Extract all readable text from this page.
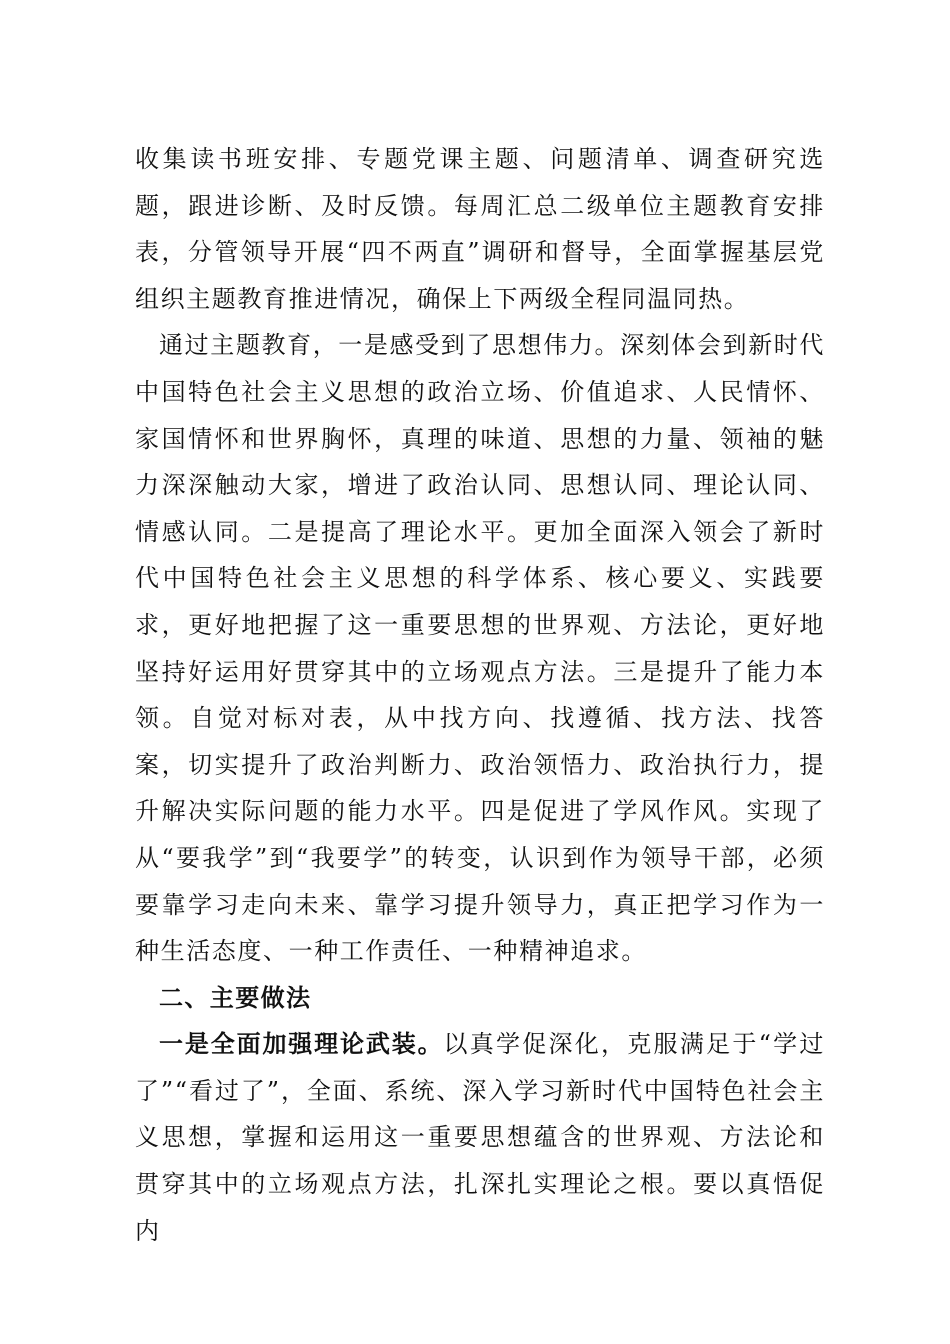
收集读书班安排、专题党课主题、问题清单、调查研究选题，跟进诊断、及时反馈。每周汇总二级单位主题教育安排表，分管领导开展“四不两直”调研和督导，全面掌握基层党组织主题教育推进情况，确保上下两级全程同温同热。

通过主题教育，一是感受到了思想伟力。深刻体会到新时代中国特色社会主义思想的政治立场、价值追求、人民情怀、家国情怀和世界胸怀，真理的味道、思想的力量、领袖的魅力深深触动大家，增进了政治认同、思想认同、理论认同、情感认同。二是提高了理论水平。更加全面深入领会了新时代中国特色社会主义思想的科学体系、核心要义、实践要求，更好地把握了这一重要思想的世界观、方法论，更好地坚持好运用好贯穿其中的立场观点方法。三是提升了能力本领。自觉对标对表，从中找方向、找遵循、找方法、找答案，切实提升了政治判断力、政治领悟力、政治执行力，提升解决实际问题的能力水平。四是促进了学风作风。实现了从“要我学”到“我要学”的转变，认识到作为领导干部，必须要靠学习走向未来、靠学习提升领导力，真正把学习作为一种生活态度、一种工作责任、一种精神追求。

二、主要做法

一是全面加强理论武装。以真学促深化，克服满足于“学过了”“看过了”，全面、系统、深入学习新时代中国特色社会主义思想，掌握和运用这一重要思想蕴含的世界观、方法论和贯穿其中的立场观点方法，扎深扎实理论之根。要以真悟促内
